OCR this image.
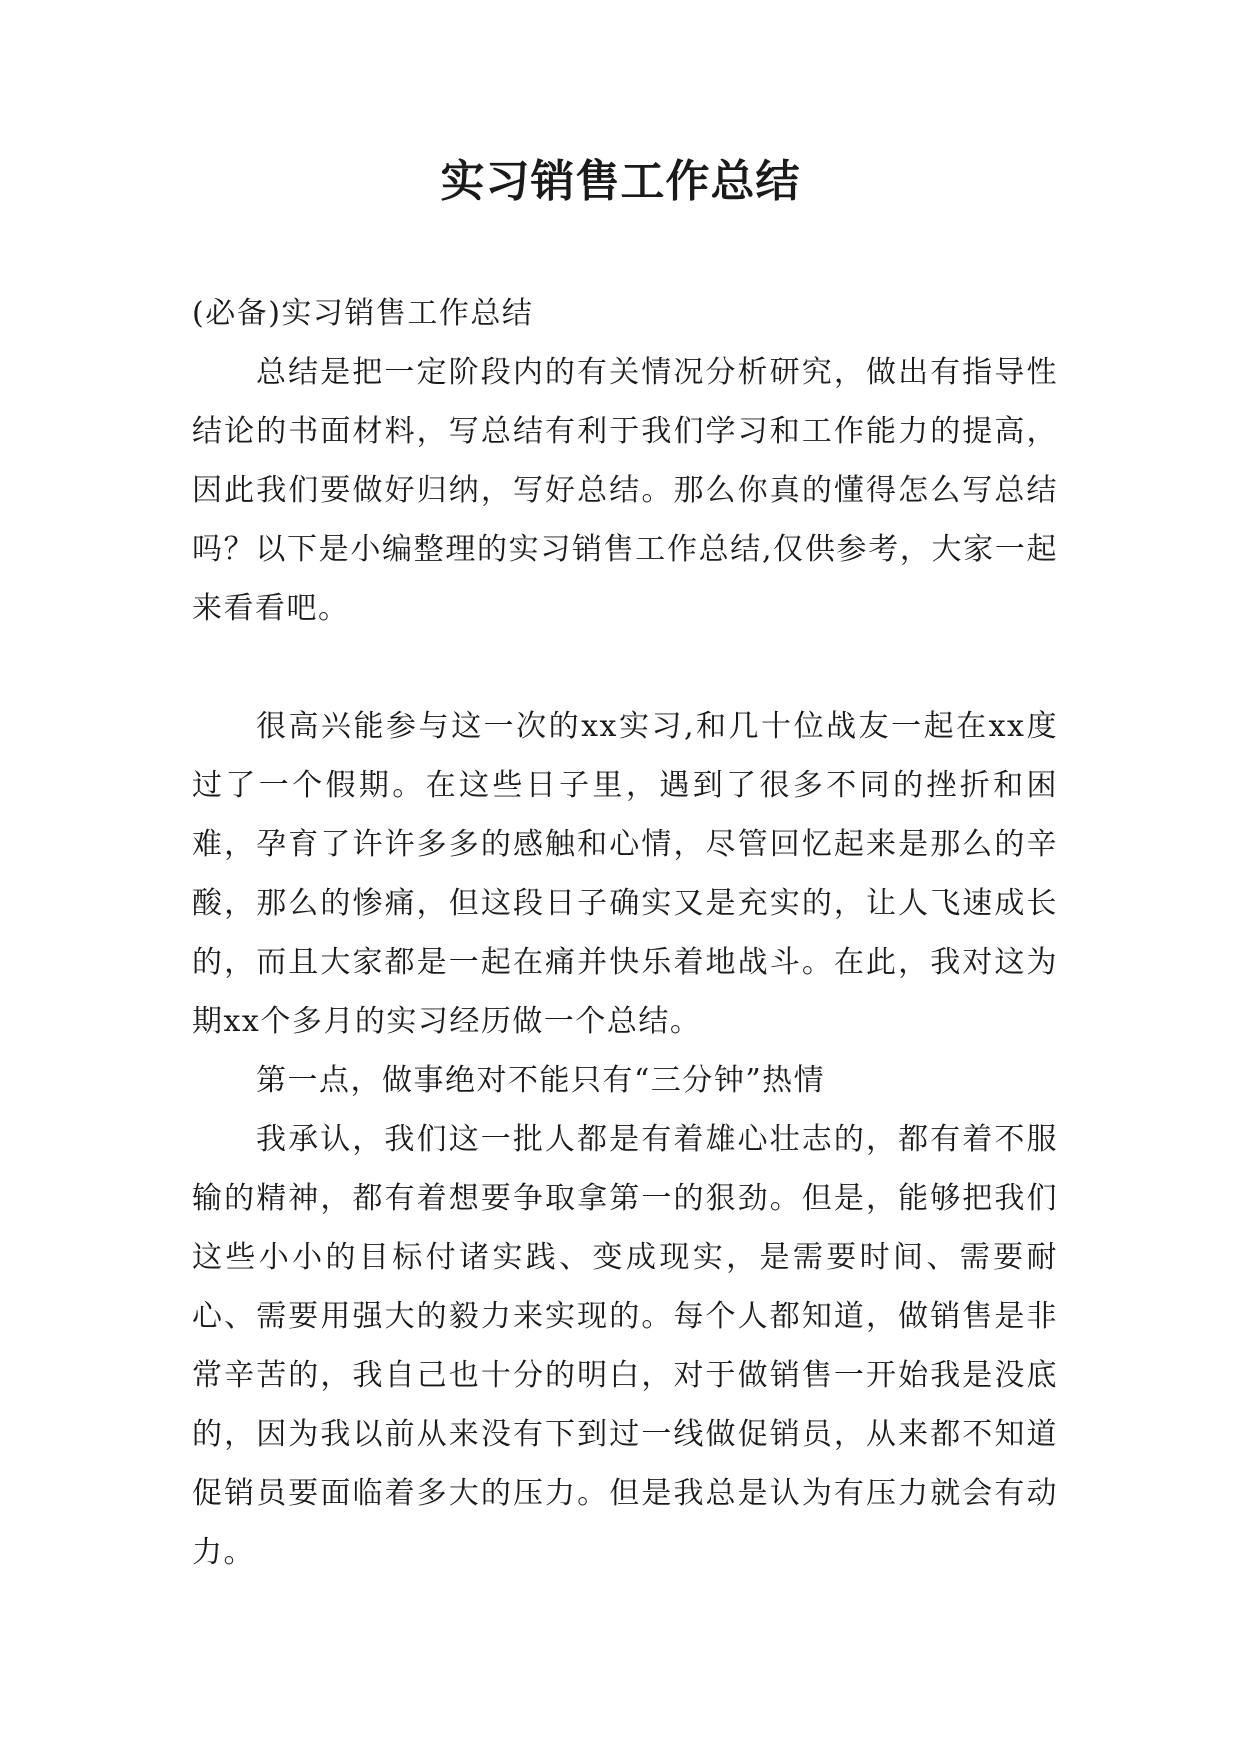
实习销售工作总结

(必备)实习销售工作总结

总结是把一定阶段内的有关情况分析研究，做出有指导性结论的书面材料，写总结有利于我们学习和工作能力的提高，因此我们要做好归纳，写好总结。那么你真的懂得怎么写总结吗？以下是小编整理的实习销售工作总结,仅供参考，大家一起来看看吧。

很高兴能参与这一次的xx实习,和几十位战友一起在xx度过了一个假期。在这些日子里，遇到了很多不同的挫折和困难，孕育了许许多多的感触和心情，尽管回忆起来是那么的辛酸，那么的惨痛，但这段日子确实又是充实的，让人飞速成长的，而且大家都是一起在痛并快乐着地战斗。在此，我对这为期xx个多月的实习经历做一个总结。

第一点，做事绝对不能只有“三分钟”热情

我承认，我们这一批人都是有着雄心壮志的，都有着不服输的精神，都有着想要争取拿第一的狠劲。但是，能够把我们这些小小的目标付诸实践、变成现实，是需要时间、需要耐心、需要用强大的毅力来实现的。每个人都知道，做销售是非常辛苦的，我自己也十分的明白，对于做销售一开始我是没底的，因为我以前从来没有下到过一线做促销员，从来都不知道促销员要面临着多大的压力。但是我总是认为有压力就会有动力。
